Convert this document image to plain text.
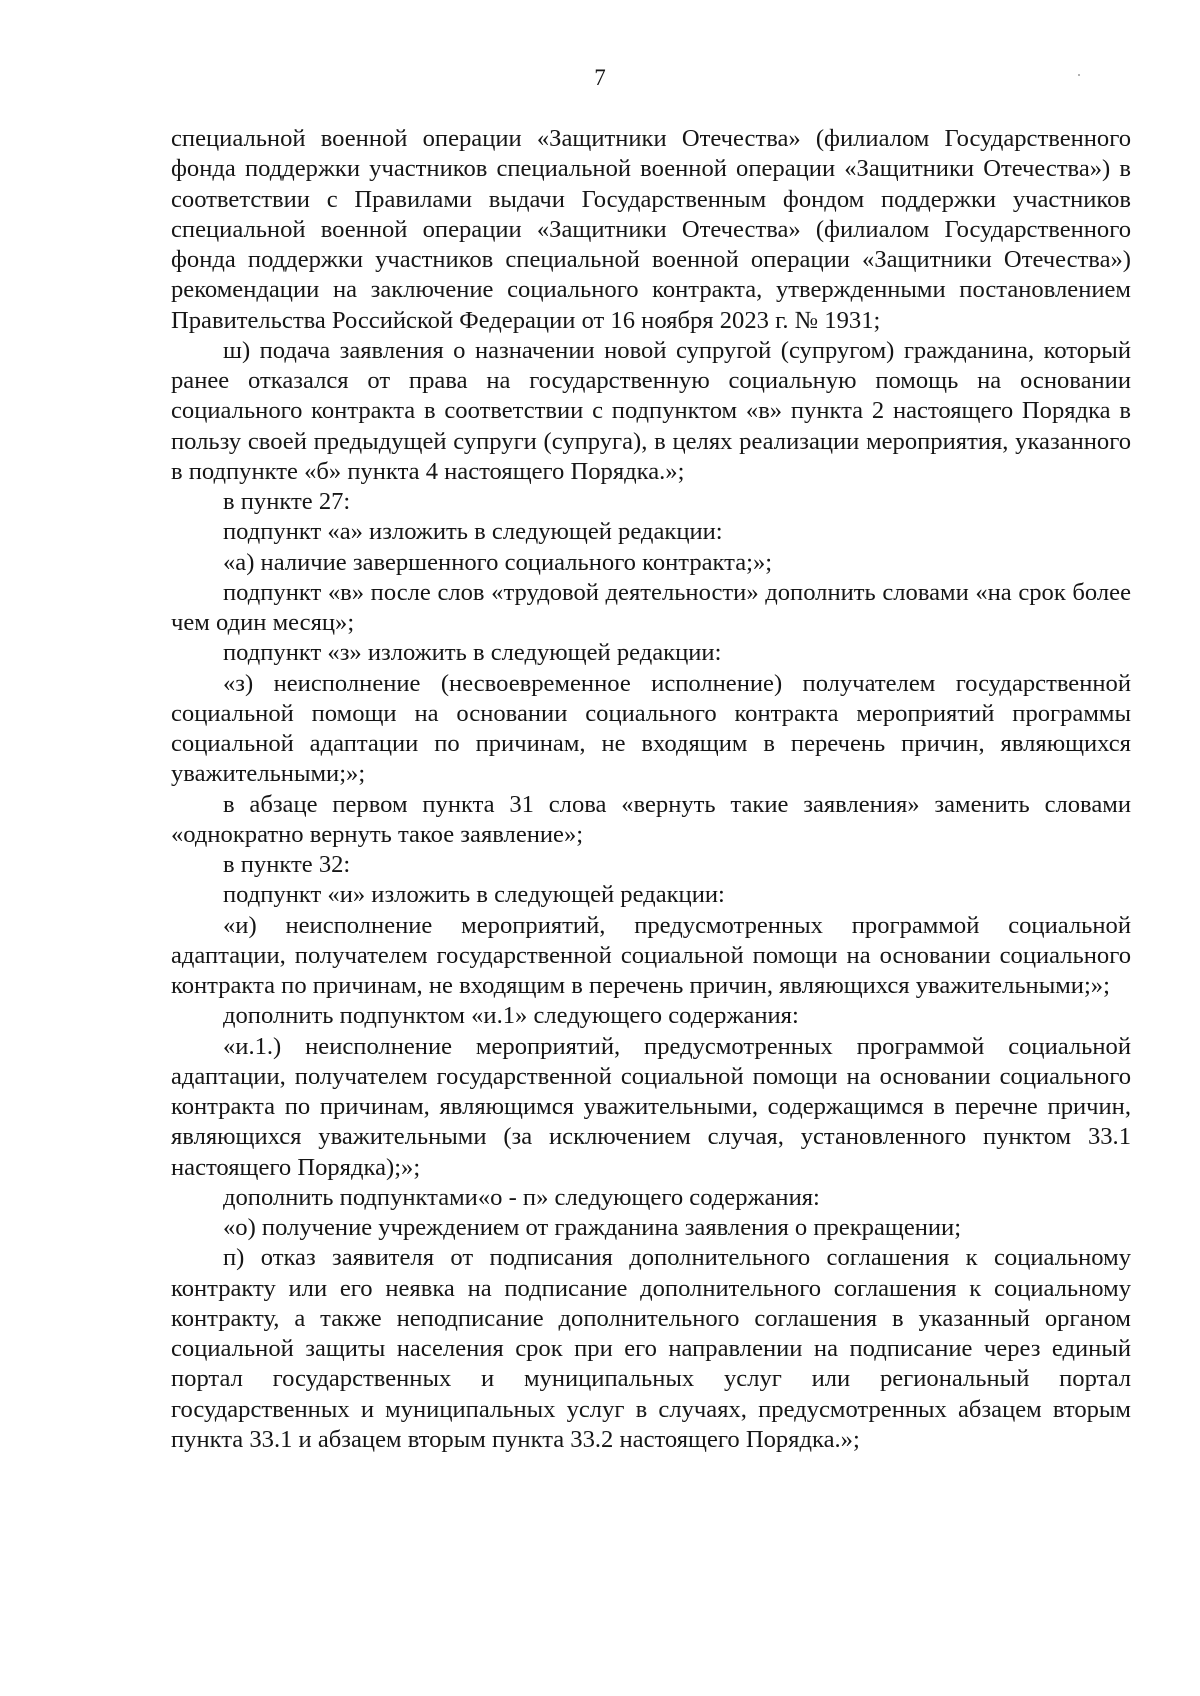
7

специальной военной операции «Защитники Отечества» (филиалом Государственного фонда поддержки участников специальной военной операции «Защитники Отечества») в соответствии с Правилами выдачи Государственным фондом поддержки участников специальной военной операции «Защитники Отечества» (филиалом Государственного фонда поддержки участников специальной военной операции «Защитники Отечества») рекомендации на заключение социального контракта, утвержденными постановлением Правительства Российской Федерации от 16 ноября 2023 г. № 1931;

ш) подача заявления о назначении новой супругой (супругом) гражданина, который ранее отказался от права на государственную социальную помощь на основании социального контракта в соответствии с подпунктом «в» пункта 2 настоящего Порядка в пользу своей предыдущей супруги (супруга), в целях реализации мероприятия, указанного в подпункте «б» пункта 4 настоящего Порядка.»;

в пункте 27:

подпункт «а» изложить в следующей редакции:

«а) наличие завершенного социального контракта;»;

подпункт «в» после слов «трудовой деятельности» дополнить словами «на срок более чем один месяц»;

подпункт «з» изложить в следующей редакции:

«з) неисполнение (несвоевременное исполнение) получателем государственной социальной помощи на основании социального контракта мероприятий программы социальной адаптации по причинам, не входящим в перечень причин, являющихся уважительными;»;

в абзаце первом пункта 31 слова «вернуть такие заявления» заменить словами «однократно вернуть такое заявление»;

в пункте 32:

подпункт «и» изложить в следующей редакции:

«и) неисполнение мероприятий, предусмотренных программой социальной адаптации, получателем государственной социальной помощи на основании социального контракта по причинам, не входящим в перечень причин, являющихся уважительными;»;

дополнить подпунктом «и.1» следующего содержания:

«и.1.) неисполнение мероприятий, предусмотренных программой социальной адаптации, получателем государственной социальной помощи на основании социального контракта по причинам, являющимся уважительными, содержащимся в перечне причин, являющихся уважительными (за исключением случая, установленного пунктом 33.1 настоящего Порядка);»;

дополнить подпунктами«о - п» следующего содержания:

«о) получение учреждением от гражданина заявления о прекращении;

п) отказ заявителя от подписания дополнительного соглашения к социальному контракту или его неявка на подписание дополнительного соглашения к социальному контракту, а также неподписание дополнительного соглашения в указанный органом социальной защиты населения срок при его направлении на подписание через единый портал государственных и муниципальных услуг или региональный портал государственных и муниципальных услуг в случаях, предусмотренных абзацем вторым пункта 33.1 и абзацем вторым пункта 33.2 настоящего Порядка.»;
